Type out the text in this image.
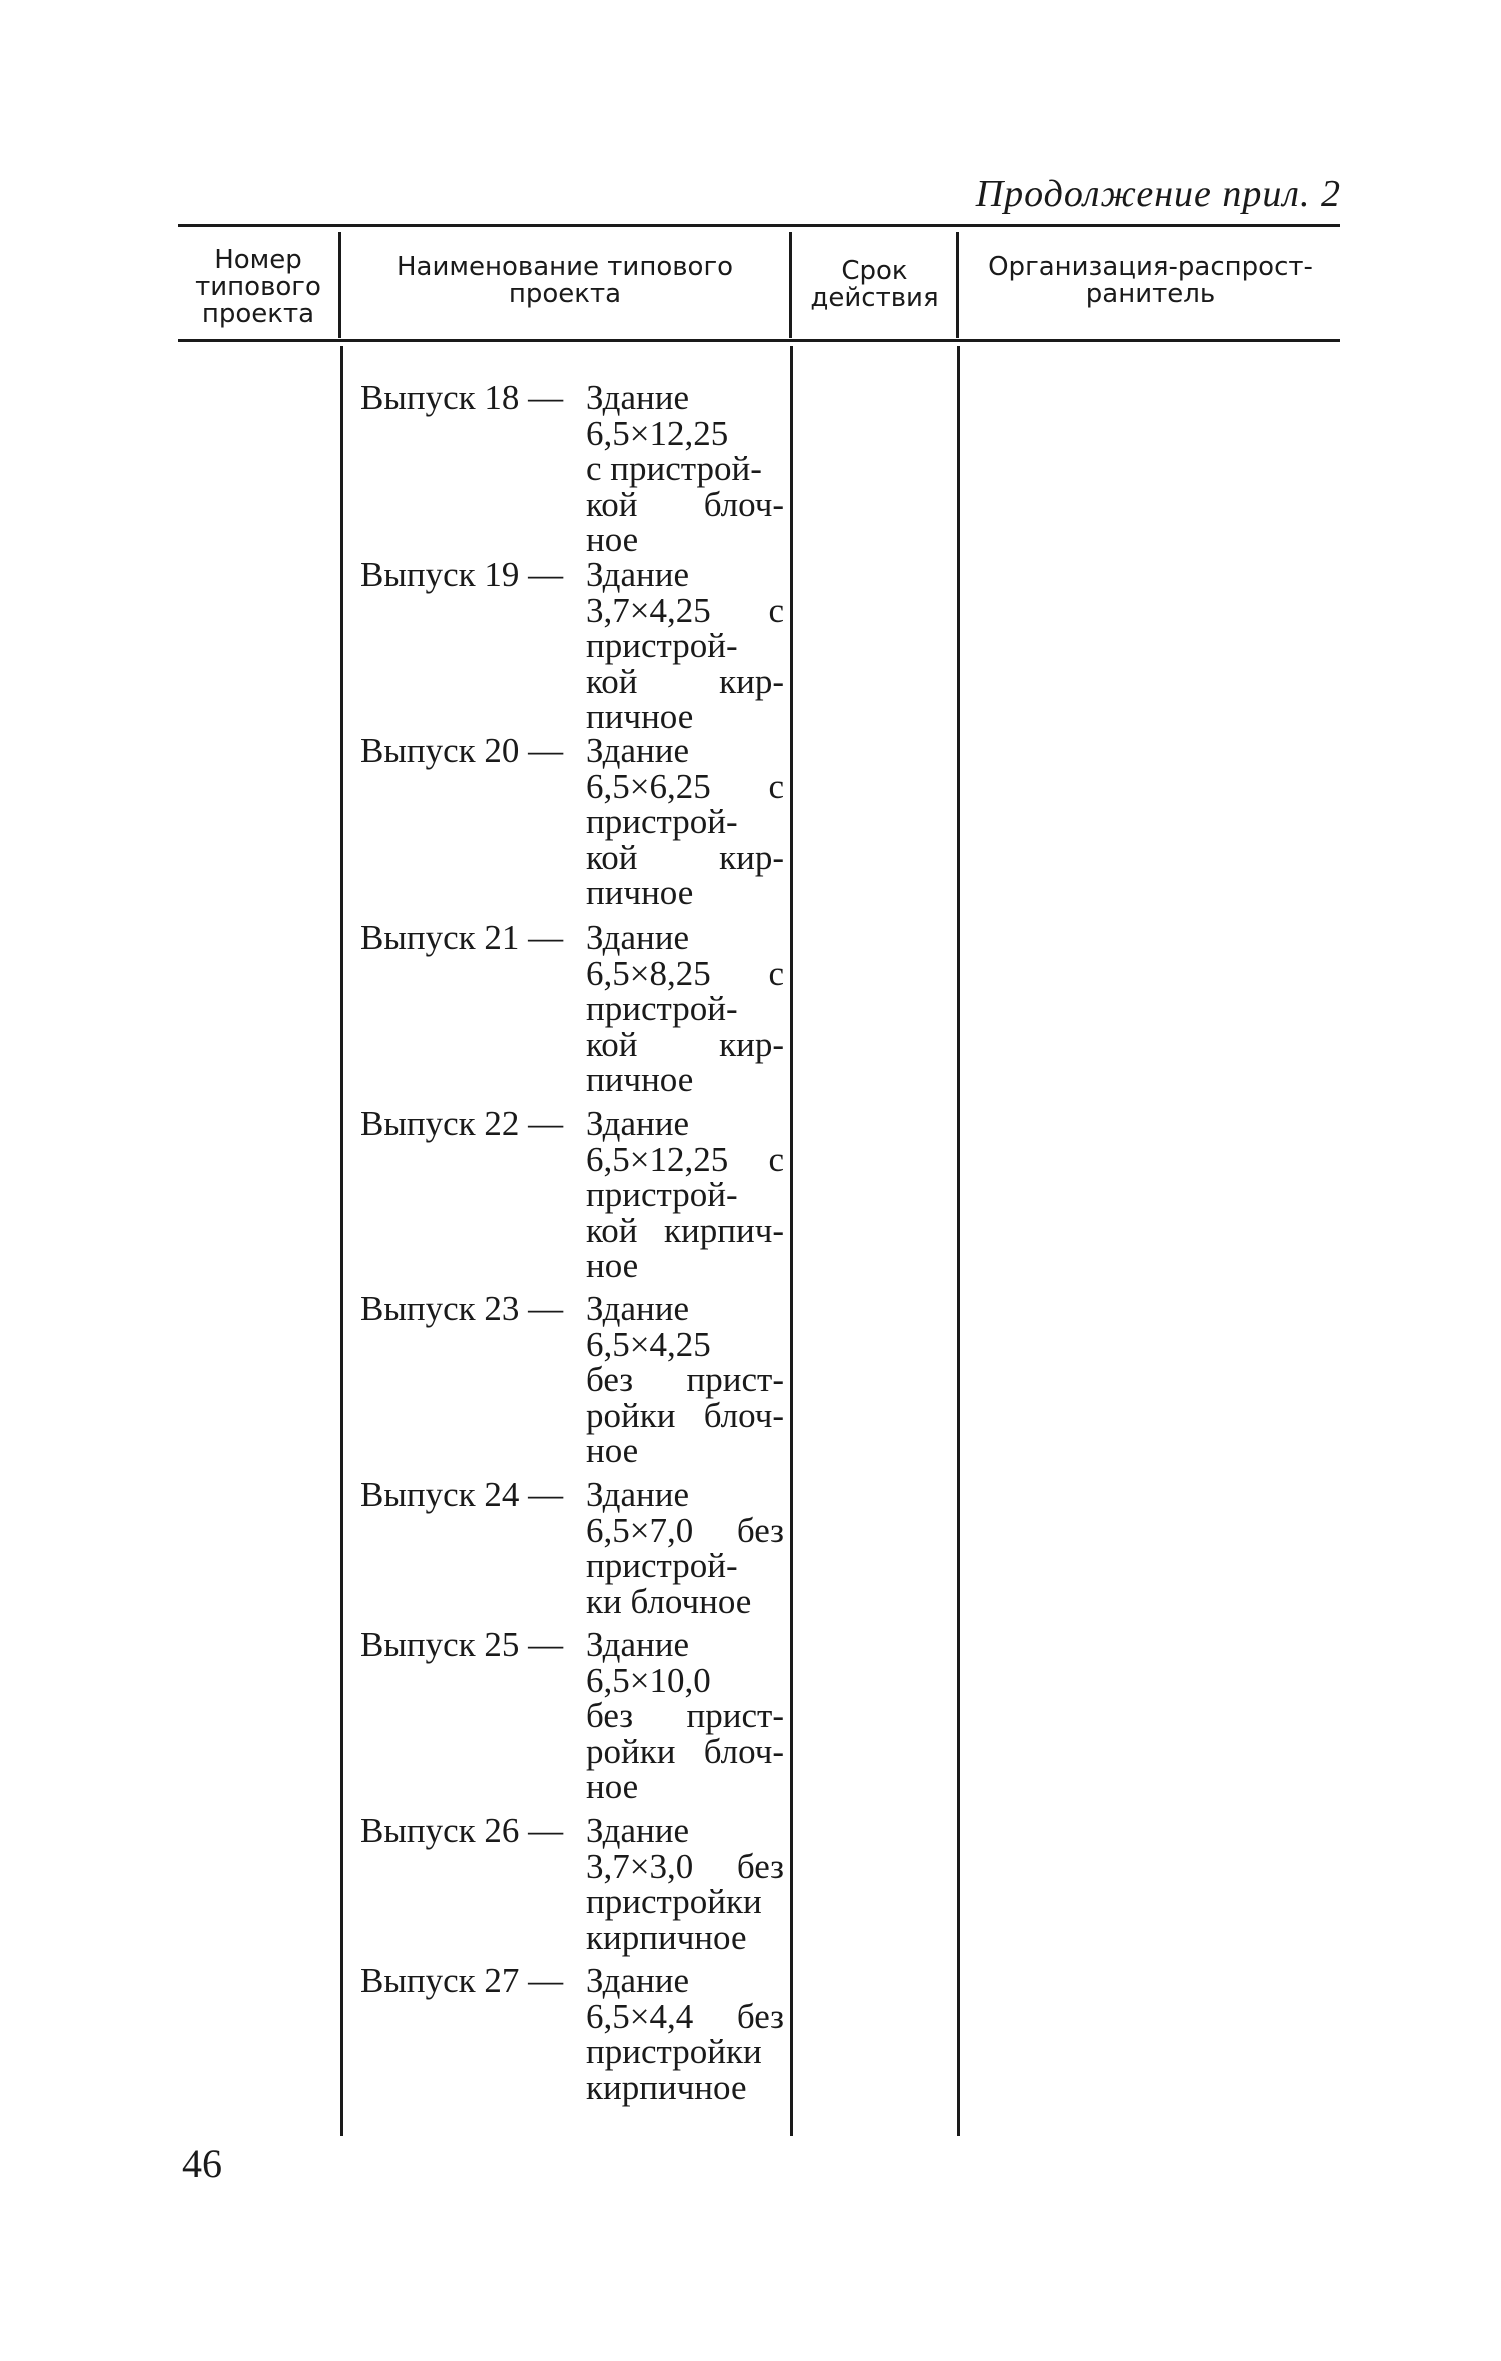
Продолжение прил. 2
Номер
типового
проекта
Наименование типового
проекта
Срок
действия
Организация-распрост-
ранитель
Выпуск 18 — Здание
6,5×12,25
с пристрой-
кой блоч-
ное
Выпуск 19 — Здание
3,7×4,25 с
пристрой-
кой кир-
пичное
Выпуск 20 — Здание
6,5×6,25 с
пристрой-
кой кир-
пичное
Выпуск 21 — Здание
6,5×8,25 с
пристрой-
кой кир-
пичное
Выпуск 22 — Здание
6,5×12,25 с
пристрой-
кой кирпич-
ное
Выпуск 23 — Здание
6,5×4,25
без прист-
ройки блоч-
ное
Выпуск 24 — Здание
6,5×7,0 без
пристрой-
ки блочное
Выпуск 25 — Здание
6,5×10,0
без прист-
ройки блоч-
ное
Выпуск 26 — Здание
3,7×3,0 без
пристройки
кирпичное
Выпуск 27 — Здание
6,5×4,4 без
пристройки
кирпичное
46
